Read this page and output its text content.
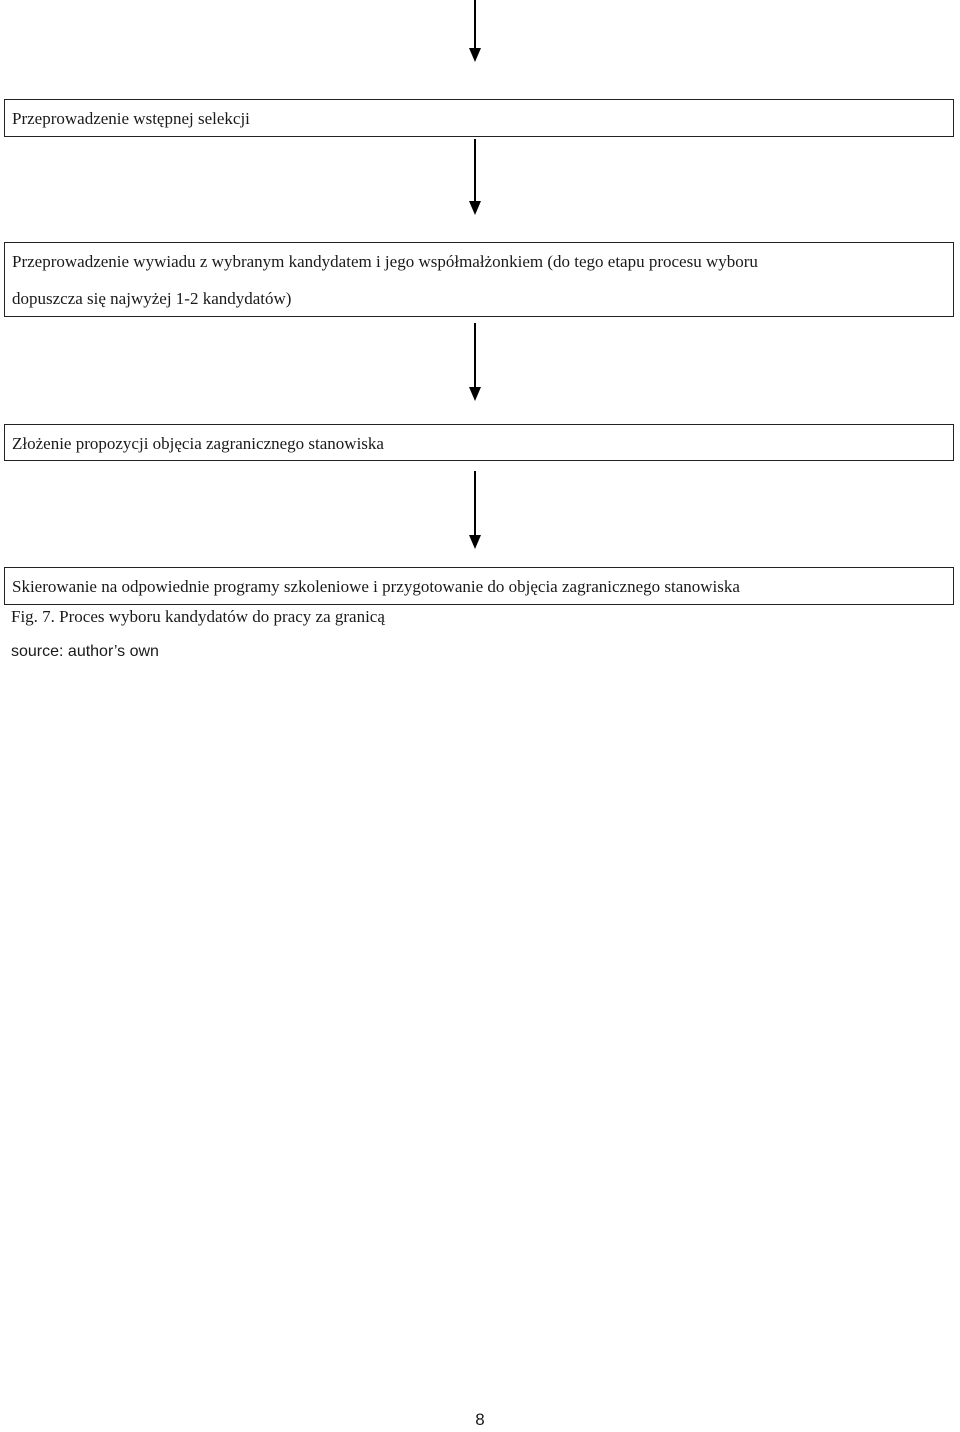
Przeprowadzenie wstępnej selekcji
Przeprowadzenie wywiadu z wybranym kandydatem i jego współmałżonkiem (do tego etapu procesu wyboru
dopuszcza się najwyżej 1-2 kandydatów)
Złożenie propozycji objęcia zagranicznego stanowiska
Skierowanie na odpowiednie programy szkoleniowe i przygotowanie do objęcia zagranicznego stanowiska
Fig. 7. Proces wyboru kandydatów do pracy za granicą
source: author’s own
8
